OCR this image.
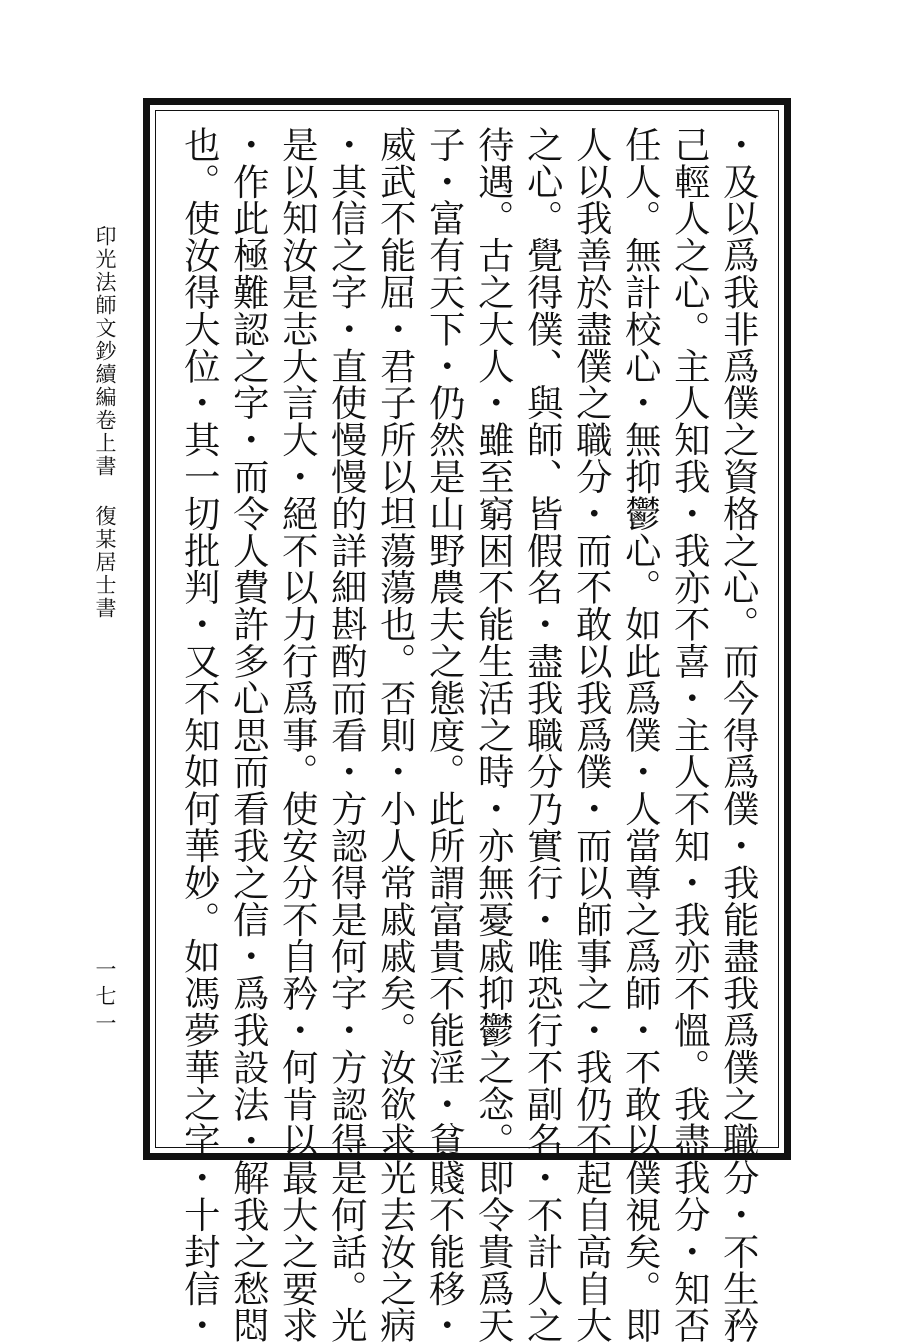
・及以爲我非爲僕之資格之心。而今得爲僕・我能盡我爲僕之職分・不生矜
己輕人之心。主人知我・我亦不喜・主人不知・我亦不慍。我盡我分・知否
任人。無計校心・無抑鬱心。如此爲僕・人當尊之爲師・不敢以僕視矣。即
人以我善於盡僕之職分・而不敢以我爲僕・而以師事之・我仍不起自高自大
之心。覺得僕、與師、皆假名・盡我職分乃實行・唯恐行不副名・不計人之
待遇。古之大人・雖至窮困不能生活之時・亦無憂戚抑鬱之念。即令貴爲天
子・富有天下・仍然是山野農夫之態度。此所謂富貴不能淫・貧賤不能移・
威武不能屈・君子所以坦蕩蕩也。否則・小人常戚戚矣。汝欲求光去汝之病
・其信之字・直使慢慢的詳細斟酌而看・方認得是何字・方認得是何話。光
是以知汝是志大言大・絕不以力行爲事。使安分不自矜・何肯以最大之要求
・作此極難認之字・而令人費許多心思而看我之信・爲我設法・解我之愁悶
也。使汝得大位・其一切批判・又不知如何華妙。如馮夢華之字・十封信・
印光法師文鈔續編卷上
書
復某居士書
一七一
